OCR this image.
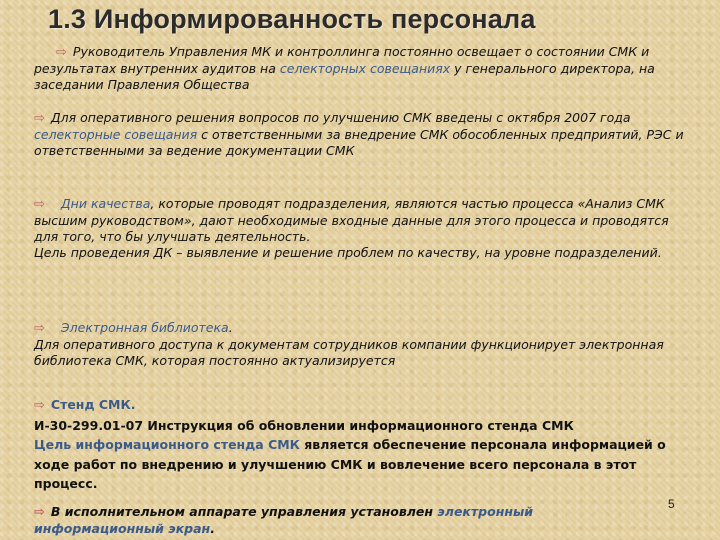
1.3 Информированность персонала
⇨ Руководитель Управления МК и контроллинга постоянно освещает о состоянии СМК и результатах внутренних аудитов на селекторных совещаниях у генерального директора, на заседании Правления Общества
⇨ Для оперативного решения вопросов по улучшению СМК введены с октября 2007 года селекторные совещания с ответственными за внедрение СМК обособленных предприятий, РЭС и ответственными за ведение документации СМК
⇨ Дни качества, которые проводят подразделения, являются частью процесса «Анализ СМК высшим руководством», дают необходимые входные данные для этого процесса и проводятся для того, что бы улучшать деятельность.
Цель проведения ДК – выявление и решение проблем по качеству, на уровне подразделений.
⇨ Электронная библиотека.
Для оперативного доступа к документам сотрудников компании функционирует электронная библиотека СМК, которая постоянно актуализируется
⇨ Стенд СМК.
И-30-299.01-07 Инструкция об обновлении информационного стенда СМК
Цель информационного стенда СМК является обеспечение персонала информацией о ходе работ по внедрению и улучшению СМК и вовлечение всего персонала в этот процесс.
⇨ В исполнительном аппарате управления установлен электронный информационный экран.
5
